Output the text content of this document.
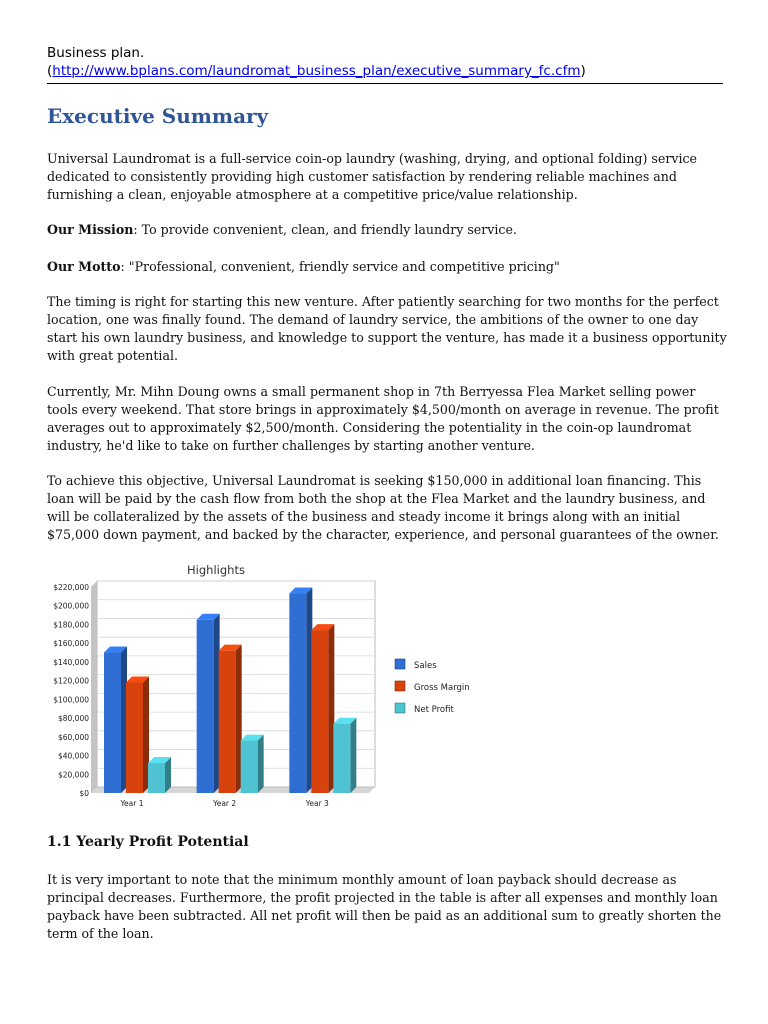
Business plan.
(http://www.bplans.com/laundromat_business_plan/executive_summary_fc.cfm)
Executive Summary

Universal Laundromat is a full-service coin-op laundry (washing, drying, and optional folding) service dedicated to consistently providing high customer satisfaction by rendering reliable machines and furnishing a clean, enjoyable atmosphere at a competitive price/value relationship.

Our Mission: To provide convenient, clean, and friendly laundry service.

Our Motto: "Professional, convenient, friendly service and competitive pricing"

The timing is right for starting this new venture. After patiently searching for two months for the perfect location, one was finally found. The demand of laundry service, the ambitions of the owner to one day start his own laundry business, and knowledge to support the venture, has made it a business opportunity with great potential.

Currently, Mr. Mihn Doung owns a small permanent shop in 7th Berryessa Flea Market selling power tools every weekend. That store brings in approximately $4,500/month on average in revenue. The profit averages out to approximately $2,500/month. Considering the potentiality in the coin-op laundromat industry, he'd like to take on further challenges by starting another venture.

To achieve this objective, Universal Laundromat is seeking $150,000 in additional loan financing. This loan will be paid by the cash flow from both the shop at the Flea Market and the laundry business, and will be collateralized by the assets of the business and steady income it brings along with an initial $75,000 down payment, and backed by the character, experience, and personal guarantees of the owner.

Highlights
$0
$20,000
$40,000
$60,000
$80,000
$100,000
$120,000
$140,000
$160,000
$180,000
$200,000
$220,000
Year 1	Year 2	Year 3
Sales
Gross Margin
Net Profit
1.1 Yearly Profit Potential

It is very important to note that the minimum monthly amount of loan payback should decrease as principal decreases. Furthermore, the profit projected in the table is after all expenses and monthly loan payback have been subtracted. All net profit will then be paid as an additional sum to greatly shorten the term of the loan.
